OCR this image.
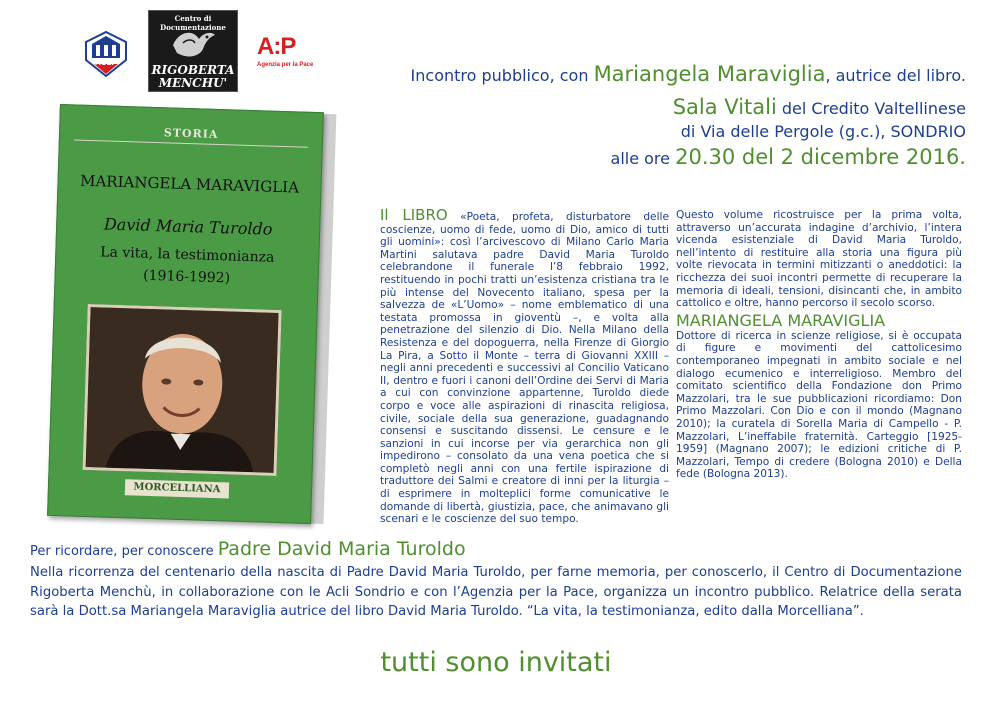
ACLI
Centro di Documentazione
RIGOBERTA
MENCHU'
A:P
Agenzia per la Pace
Incontro pubblico, con Mariangela Maraviglia, autrice del libro.
Sala Vitali del Credito Valtellinese
di Via delle Pergole (g.c.), SONDRIO
alle ore 20.30 del 2 dicembre 2016.
STORIA
MARIANGELA MARAVIGLIA
David Maria Turoldo
La vita, la testimonianza
(1916-1992)
MORCELLIANA
Il LIBRO «Poeta, profeta, disturbatore delle coscienze, uomo di fede, uomo di Dio, amico di tutti gli uomini»: così l’arcivescovo di Milano Carlo Maria Martini salutava padre David Maria Turoldo celebrandone il funerale l’8 febbraio 1992, restituendo in pochi tratti un’esistenza cristiana tra le più intense del Novecento italiano, spesa per la salvezza de «L’Uomo» – nome emblematico di una testata promossa in gioventù –, e volta alla penetrazione del silenzio di Dio. Nella Milano della Resistenza e del dopoguerra, nella Firenze di Giorgio La Pira, a Sotto il Monte – terra di Giovanni XXIII – negli anni precedenti e successivi al Concilio Vaticano II, dentro e fuori i canoni dell’Ordine dei Servi di Maria a cui con convinzione appartenne, Turoldo diede corpo e voce alle aspirazioni di rinascita religiosa, civile, sociale della sua generazione, guadagnando consensi e suscitando dissensi. Le censure e le sanzioni in cui incorse per via gerarchica non gli impedirono – consolato da una vena poetica che si completò negli anni con una fertile ispirazione di traduttore dei Salmi e creatore di inni per la liturgia – di esprimere in molteplici forme comunicative le domande di libertà, giustizia, pace, che animavano gli scenari e le coscienze del suo tempo.
Questo volume ricostruisce per la prima volta, attraverso un’accurata indagine d’archivio, l’intera vicenda esistenziale di David Maria Turoldo, nell’intento di restituire alla storia una figura più volte rievocata in termini mitizzanti o aneddotici: la ricchezza dei suoi incontri permette di recuperare la memoria di ideali, tensioni, disincanti che, in ambito cattolico e oltre, hanno percorso il secolo scorso.
MARIANGELA MARAVIGLIA
Dottore di ricerca in scienze religiose, si è occupata di figure e movimenti del cattolicesimo contemporaneo impegnati in ambito sociale e nel dialogo ecumenico e interreligioso. Membro del comitato scientifico della Fondazione don Primo Mazzolari, tra le sue pubblicazioni ricordiamo: Don Primo Mazzolari. Con Dio e con il mondo (Magnano 2010); la curatela di Sorella Maria di Campello - P. Mazzolari, L’ineffabile fraternità. Carteggio [1925-1959] (Magnano 2007); le edizioni critiche di P. Mazzolari, Tempo di credere (Bologna 2010) e Della fede (Bologna 2013).
Per ricordare, per conoscere Padre David Maria Turoldo
Nella ricorrenza del centenario della nascita di Padre David Maria Turoldo, per farne memoria, per conoscerlo, il Centro di Documentazione Rigoberta Menchù, in collaborazione con le Acli Sondrio e con l’Agenzia per la Pace, organizza un incontro pubblico. Relatrice della serata sarà la Dott.sa Mariangela Maraviglia autrice del libro David Maria Turoldo. “La vita, la testimonianza, edito dalla Morcelliana”.
tutti sono invitati
